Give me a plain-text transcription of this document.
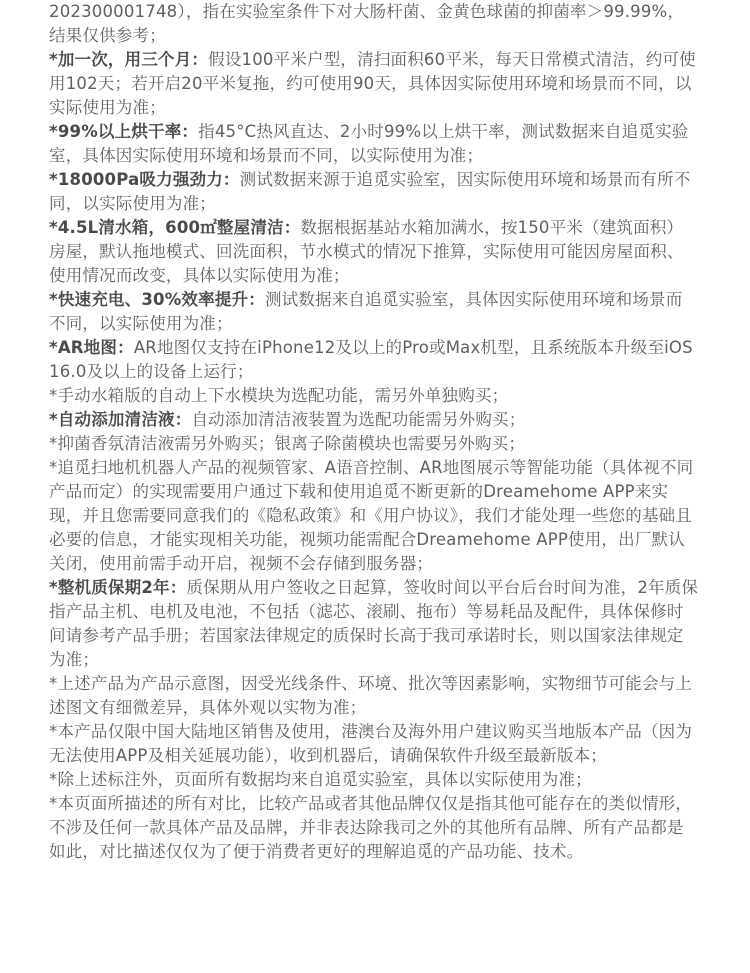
202300001748），指在实验室条件下对大肠杆菌、金黄色球菌的抑菌率＞99.99%，结果仅供参考；

*加一次，用三个月：假设100平米户型，清扫面积60平米，每天日常模式清洁，约可使用102天；若开启20平米复拖，约可使用90天，具体因实际使用环境和场景而不同，以实际使用为准；

*99%以上烘干率：指45°C热风直达、2小时99%以上烘干率，测试数据来自追觅实验室，具体因实际使用环境和场景而不同，以实际使用为准；

*18000Pa吸力强劲力：测试数据来源于追觅实验室，因实际使用环境和场景而有所不同，以实际使用为准；

*4.5L清水箱，600㎡整屋清洁：数据根据基站水箱加满水，按150平米（建筑面积）房屋，默认拖地模式、回洗面积，节水模式的情况下推算，实际使用可能因房屋面积、使用情况而改变，具体以实际使用为准；

*快速充电、30%效率提升：测试数据来自追觅实验室，具体因实际使用环境和场景而不同，以实际使用为准；

*AR地图：AR地图仅支持在iPhone12及以上的Pro或Max机型，且系统版本升级至iOS16.0及以上的设备上运行；

*手动水箱版的自动上下水模块为选配功能，需另外单独购买；

*自动添加清洁液：自动添加清洁液装置为选配功能需另外购买；

*抑菌香氛清洁液需另外购买；银离子除菌模块也需要另外购买；

*追觅扫地机机器人产品的视频管家、A语音控制、AR地图展示等智能功能（具体视不同产品而定）的实现需要用户通过下载和使用追觅不断更新的Dreamehome APP来实现，并且您需要同意我们的《隐私政策》和《用户协议》，我们才能处理一些您的基础且必要的信息，才能实现相关功能，视频功能需配合Dreamehome APP使用，出厂默认关闭，使用前需手动开启，视频不会存储到服务器；

*整机质保期2年：质保期从用户签收之日起算，签收时间以平台后台时间为准，2年质保指产品主机、电机及电池，不包括（滤芯、滚刷、拖布）等易耗品及配件，具体保修时间请参考产品手册；若国家法律规定的质保时长高于我司承诺时长，则以国家法律规定为准；

*上述产品为产品示意图，因受光线条件、环境、批次等因素影响，实物细节可能会与上述图文有细微差异，具体外观以实物为准；

*本产品仅限中国大陆地区销售及使用，港澳台及海外用户建议购买当地版本产品（因为无法使用APP及相关延展功能），收到机器后，请确保软件升级至最新版本；

*除上述标注外，页面所有数据均来自追觅实验室，具体以实际使用为准；

*本页面所描述的所有对比，比较产品或者其他品牌仅仅是指其他可能存在的类似情形，不涉及任何一款具体产品及品牌，并非表达除我司之外的其他所有品牌、所有产品都是如此，对比描述仅仅为了便于消费者更好的理解追觅的产品功能、技术。
